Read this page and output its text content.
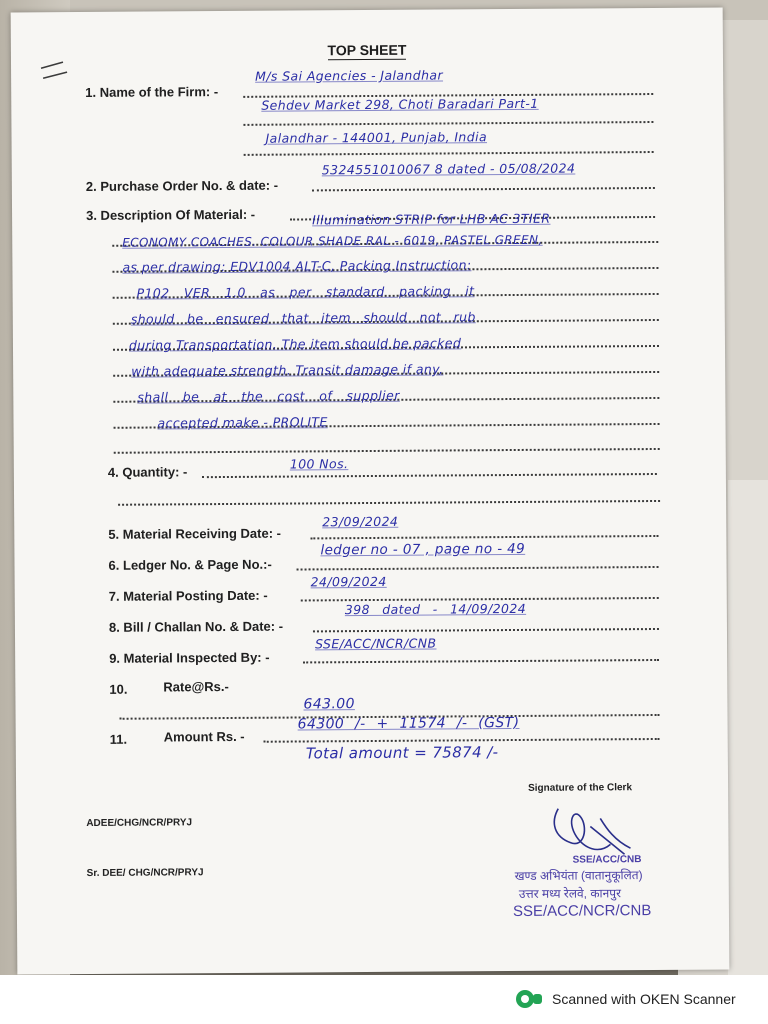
TOP SHEET
1. Name of the Firm: -
M/s Sai Agencies - Jalandhar
Sehdev Market 298, Choti Baradari Part-1
Jalandhar - 144001, Punjab, India
2. Purchase Order No. & date: -
5324551010067 8 dated - 05/08/2024
3. Description Of Material: -	Illumination STRIP for LHB AC 3TIER
ECONOMY COACHES. COLOUR SHADE RAL - 6019, PASTEL GREEN,
as per drawing: EDV1004 ALT-C, Packing Instruction:
P102 VER 1.0 as per standard packing it
should be ensured that item should not rub
during Transportation. The item should be packed
with adequate strength. Transit damage if any,
shall be at the cost of supplier
accepted make - PROLITE
4. Quantity: -
100 Nos.
5. Material Receiving Date: -
23/09/2024
6. Ledger No. & Page No.:-
ledger no - 07 , page no - 49
7. Material Posting Date: -
24/09/2024
8. Bill / Challan No. & Date: -
398 dated - 14/09/2024
9. Material Inspected By: -
SSE/ACC/NCR/CNB
10.	Rate@Rs.-
643.00
11.	Amount Rs. -
64300 /- + 11574 /- (GST)
Total amount = 75874 /-
Signature of the Clerk
ADEE/CHG/NCR/PRYJ
Sr. DEE/ CHG/NCR/PRYJ
SSE/ACC/CNB
खण्ड अभियंता (वातानुकूलित)
उत्तर मध्य रेलवे, कानपुर
SSE/ACC/NCR/CNB
Scanned with OKEN Scanner
